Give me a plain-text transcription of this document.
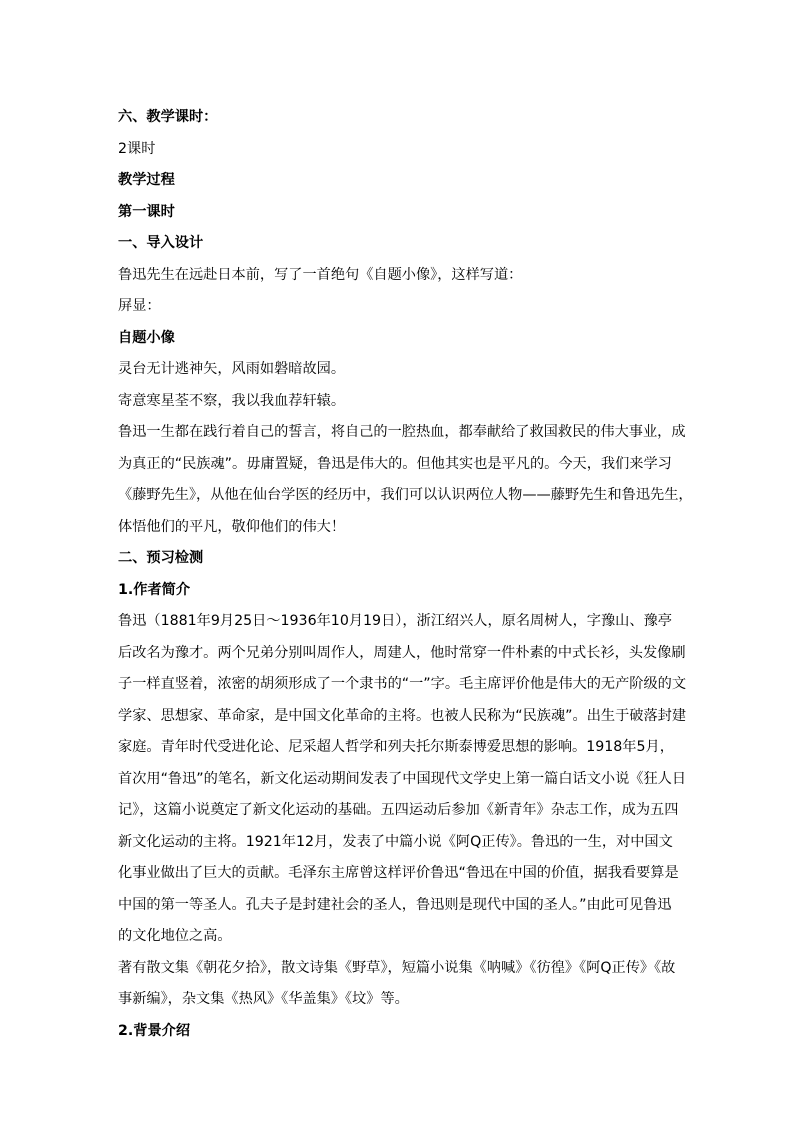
六、教学课时：
2课时
教学过程
第一课时
一、导入设计
鲁迅先生在远赴日本前，写了一首绝句《自题小像》，这样写道：
屏显：
自题小像
灵台无计逃神矢，风雨如磐暗故园。
寄意寒星荃不察，我以我血荐轩辕。
鲁迅一生都在践行着自己的誓言，将自己的一腔热血，都奉献给了救国救民的伟大事业，成
为真正的“民族魂”。毋庸置疑，鲁迅是伟大的。但他其实也是平凡的。今天，我们来学习
《藤野先生》，从他在仙台学医的经历中，我们可以认识两位人物——藤野先生和鲁迅先生，
体悟他们的平凡，敬仰他们的伟大！
二、预习检测
1.作者简介
鲁迅（1881年9月25日～1936年10月19日），浙江绍兴人，原名周树人，字豫山、豫亭
后改名为豫才。两个兄弟分别叫周作人，周建人，他时常穿一件朴素的中式长衫，头发像刷
子一样直竖着，浓密的胡须形成了一个隶书的“一”字。毛主席评价他是伟大的无产阶级的文
学家、思想家、革命家，是中国文化革命的主将。也被人民称为“民族魂”。出生于破落封建
家庭。青年时代受进化论、尼采超人哲学和列夫托尔斯泰博爱思想的影响。1918年5月，
首次用“鲁迅”的笔名，新文化运动期间发表了中国现代文学史上第一篇白话文小说《狂人日
记》，这篇小说奠定了新文化运动的基础。五四运动后参加《新青年》杂志工作，成为五四
新文化运动的主将。1921年12月，发表了中篇小说《阿Q正传》。鲁迅的一生，对中国文
化事业做出了巨大的贡献。毛泽东主席曾这样评价鲁迅“鲁迅在中国的价值，据我看要算是
中国的第一等圣人。孔夫子是封建社会的圣人，鲁迅则是现代中国的圣人。”由此可见鲁迅
的文化地位之高。
著有散文集《朝花夕拾》，散文诗集《野草》，短篇小说集《呐喊》《彷徨》《阿Q正传》《故
事新编》，杂文集《热风》《华盖集》《坟》等。
2.背景介绍
